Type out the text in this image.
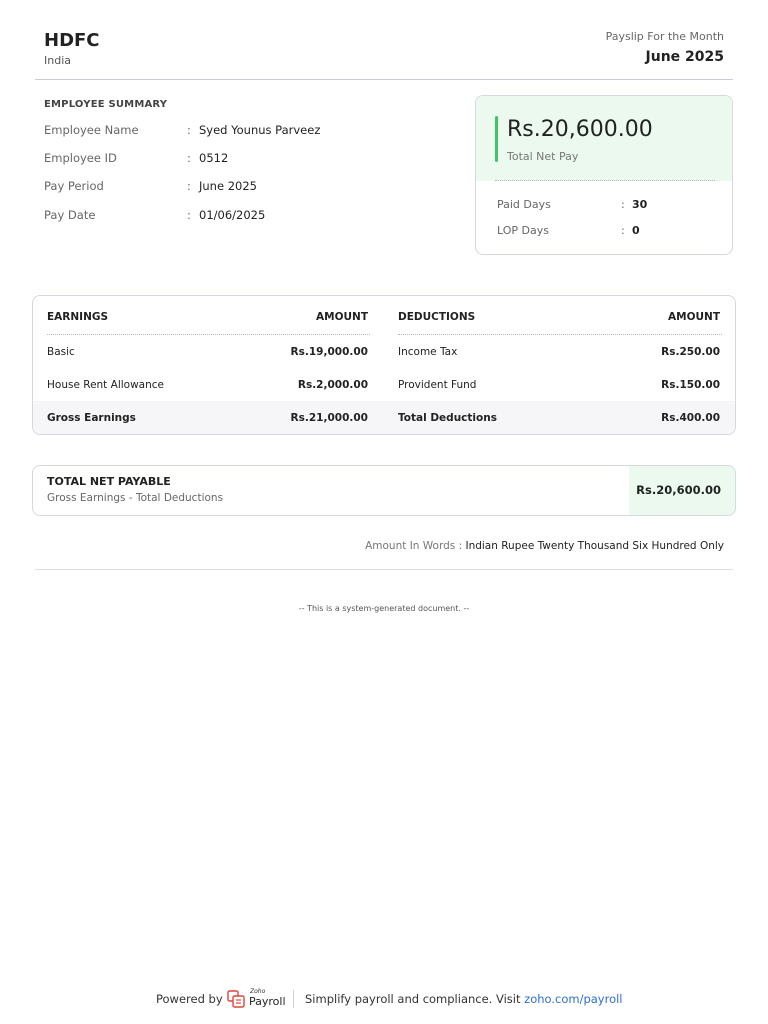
HDFC
India
Payslip For the Month
June 2025
EMPLOYEE SUMMARY
Employee Name	: Syed Younus Parveez
Employee ID	: 0512
Pay Period	: June 2025
Pay Date	: 01/06/2025
Rs.20,600.00
Total Net Pay
Paid Days	: 30
LOP Days	: 0
EARNINGS	AMOUNT	DEDUCTIONS	AMOUNT
Basic	Rs.19,000.00	Income Tax	Rs.250.00
House Rent Allowance	Rs.2,000.00	Provident Fund	Rs.150.00
Gross Earnings	Rs.21,000.00	Total Deductions	Rs.400.00
TOTAL NET PAYABLE
Gross Earnings - Total Deductions
Rs.20,600.00
Amount In Words : Indian Rupee Twenty Thousand Six Hundred Only
-- This is a system-generated document. --
Powered by
Zoho
Payroll Simplify payroll and compliance. Visit zoho.com/payroll
